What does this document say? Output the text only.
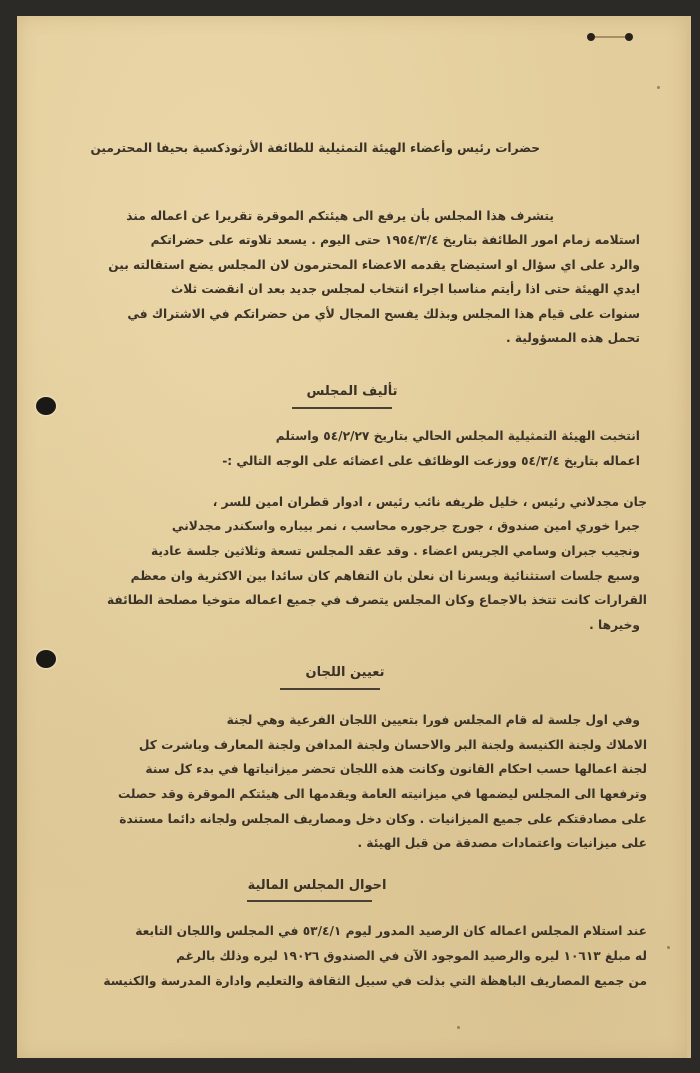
حضرات رئيس وأعضاء الهيئة التمثيلية للطائفة الأرثوذكسية بحيفا المحترمين
يتشرف هذا المجلس بأن يرفع الى هيئتكم الموقرة تقريرا عن اعماله منذ
استلامه زمام امور الطائفة بتاريخ ١٩٥٤/٣/٤ حتى اليوم . يسعد تلاوته على حضراتكم
والرد على اي سؤال او استيضاح يقدمه الاعضاء المحترمون لان المجلس يضع استقالته بين
ايدي الهيئة حتى اذا رأيتم مناسبا اجراء انتخاب لمجلس جديد بعد ان انقضت ثلاث
سنوات على قيام هذا المجلس وبذلك يفسح المجال لأي من حضراتكم في الاشتراك في
تحمل هذه المسؤولية .
تأليف المجلس
انتخبت الهيئة التمثيلية المجلس الحالي بتاريخ ٥٤/٢/٢٧ واستلم
اعماله بتاريخ ٥٤/٣/٤ ووزعت الوظائف على اعضائه على الوجه التالي :-
جان مجدلاني رئيس ، خليل ظريفه نائب رئيس ، ادوار قطران امين للسر ،
جبرا خوري امين صندوق ، جورج جرجوره محاسب ، نمر بيباره واسكندر مجدلاني
ونجيب جبران وسامي الجريس اعضاء . وقد عقد المجلس تسعة وثلاثين جلسة عادية
وسبع جلسات استثنائية ويسرنا ان نعلن بان التفاهم كان سائدا بين الاكثرية وان معظم
القرارات كانت تتخذ بالاجماع وكان المجلس يتصرف في جميع اعماله متوخيا مصلحة الطائفة
وخيرها .
تعيين اللجان
وفي اول جلسة له قام المجلس فورا بتعيين اللجان الفرعية وهي لجنة
الاملاك ولجنة الكنيسة ولجنة البر والاحسان ولجنة المدافن ولجنة المعارف وباشرت كل
لجنة اعمالها حسب احكام القانون وكانت هذه اللجان تحضر ميزانياتها في بدء كل سنة
وترفعها الى المجلس ليضمها في ميزانيته العامة ويقدمها الى هيئتكم الموقرة وقد حصلت
على مصادقتكم على جميع الميزانيات . وكان دخل ومصاريف المجلس ولجانه دائما مستندة
على ميزانيات واعتمادات مصدقة من قبل الهيئة .
احوال المجلس المالية
عند استلام المجلس اعماله كان الرصيد المدور ليوم ٥٣/٤/١ في المجلس واللجان التابعة
له مبلغ ١٠٦١٣ ليره والرصيد الموجود الآن في الصندوق ١٩٠٢٦ ليره وذلك بالرغم
من جميع المصاريف الباهظة التي بذلت في سبيل الثقافة والتعليم وادارة المدرسة والكنيسة
